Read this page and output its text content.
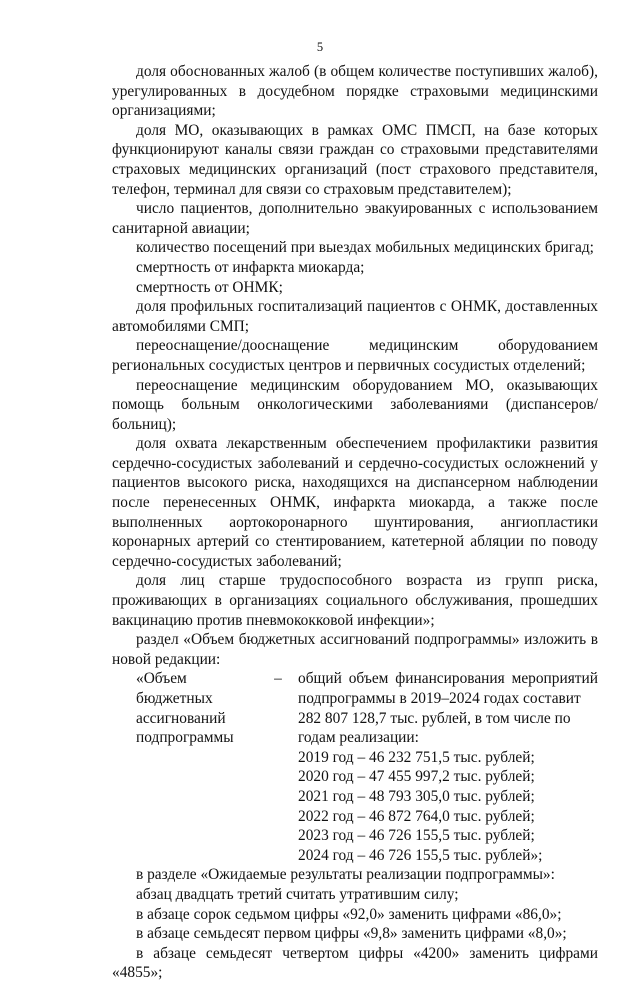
5

доля обоснованных жалоб (в общем количестве поступивших жалоб), урегулированных в досудебном порядке страховыми медицинскими организациями;

доля МО, оказывающих в рамках ОМС ПМСП, на базе которых функционируют каналы связи граждан со страховыми представителями страховых медицинских организаций (пост страхового представителя, телефон, терминал для связи со страховым представителем);

число пациентов, дополнительно эвакуированных с использованием санитарной авиации;

количество посещений при выездах мобильных медицинских бригад;

смертность от инфаркта миокарда;

смертность от ОНМК;

доля профильных госпитализаций пациентов с ОНМК, доставленных автомобилями СМП;

переоснащение/дооснащение медицинским оборудованием региональных сосудистых центров и первичных сосудистых отделений;

переоснащение медицинским оборудованием МО, оказывающих помощь больным онкологическими заболеваниями (диспансеров/больниц);

доля охвата лекарственным обеспечением профилактики развития сердечно-сосудистых заболеваний и сердечно-сосудистых осложнений у пациентов высокого риска, находящихся на диспансерном наблюдении после перенесенных ОНМК, инфаркта миокарда, а также после выполненных аортокоронарного шунтирования, ангиопластики коронарных артерий со стентированием, катетерной абляции по поводу сердечно-сосудистых заболеваний;

доля лиц старше трудоспособного возраста из групп риска, проживающих в организациях социального обслуживания, прошедших вакцинацию против пневмококковой инфекции»;

раздел «Объем бюджетных ассигнований подпрограммы» изложить в новой редакции:

«Объем бюджетных ассигнований подпрограммы
–	общий объем финансирования мероприятий подпрограммы в 2019–2024 годах составит
282 807 128,7 тыс. рублей, в том числе по годам реализации:
2019 год – 46 232 751,5 тыс. рублей;
2020 год – 47 455 997,2 тыс. рублей;
2021 год – 48 793 305,0 тыс. рублей;
2022 год – 46 872 764,0 тыс. рублей;
2023 год – 46 726 155,5 тыс. рублей;
2024 год – 46 726 155,5 тыс. рублей»;

в разделе «Ожидаемые результаты реализации подпрограммы»:

абзац двадцать третий считать утратившим силу;

в абзаце сорок седьмом цифры «92,0» заменить цифрами «86,0»;

в абзаце семьдесят первом цифры «9,8» заменить цифрами «8,0»;

в абзаце семьдесят четвертом цифры «4200» заменить цифрами «4855»;
